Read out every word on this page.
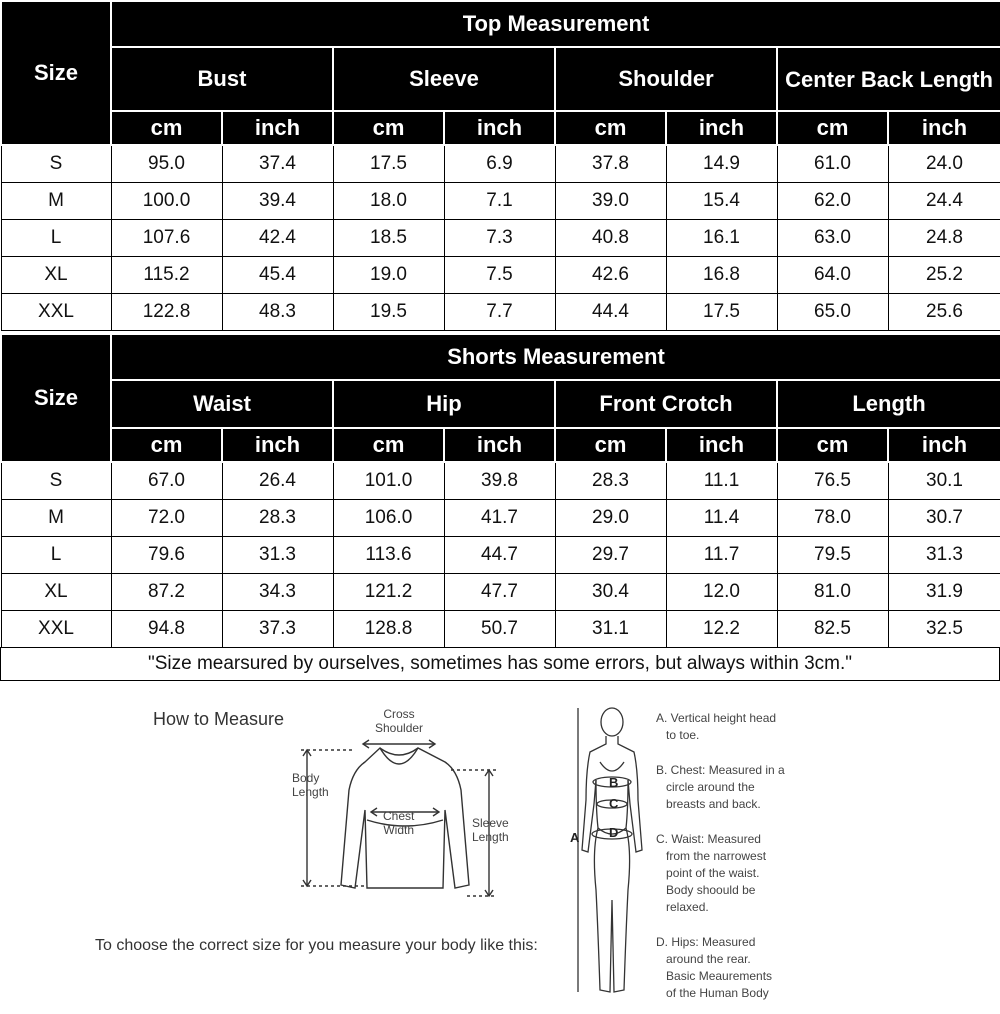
Size	Top Measurement							
	Bust		Sleeve		Shoulder		Center Back Length	
	cm	inch	cm	inch	cm	inch	cm	inch
S	95.0	37.4	17.5	6.9	37.8	14.9	61.0	24.0
M	100.0	39.4	18.0	7.1	39.0	15.4	62.0	24.4
L	107.6	42.4	18.5	7.3	40.8	16.1	63.0	24.8
XL	115.2	45.4	19.0	7.5	42.6	16.8	64.0	25.2
XXL	122.8	48.3	19.5	7.7	44.4	17.5	65.0	25.6
Size	Shorts Measurement							
	Waist		Hip		Front Crotch		Length	
	cm	inch	cm	inch	cm	inch	cm	inch
S	67.0	26.4	101.0	39.8	28.3	11.1	76.5	30.1
M	72.0	28.3	106.0	41.7	29.0	11.4	78.0	30.7
L	79.6	31.3	113.6	44.7	29.7	11.7	79.5	31.3
XL	87.2	34.3	121.2	47.7	30.4	12.0	81.0	31.9
XXL	94.8	37.3	128.8	50.7	31.1	12.2	82.5	32.5
"Size mearsured by ourselves, sometimes has some errors, but always within 3cm."
How to Measure
To choose the correct size for you measure your body like this:
Cross
Shoulder
Body
Length
Chest
Width	Sleeve
Length	A
B
C
D
A. Vertical height head
to toe.
B. Chest: Measured in a
circle around the
breasts and back.
C. Waist: Measured
from the narrowest
point of the waist.
Body shoould be
relaxed.
D. Hips: Measured
around the rear.
Basic Meaurements
of the Human Body
